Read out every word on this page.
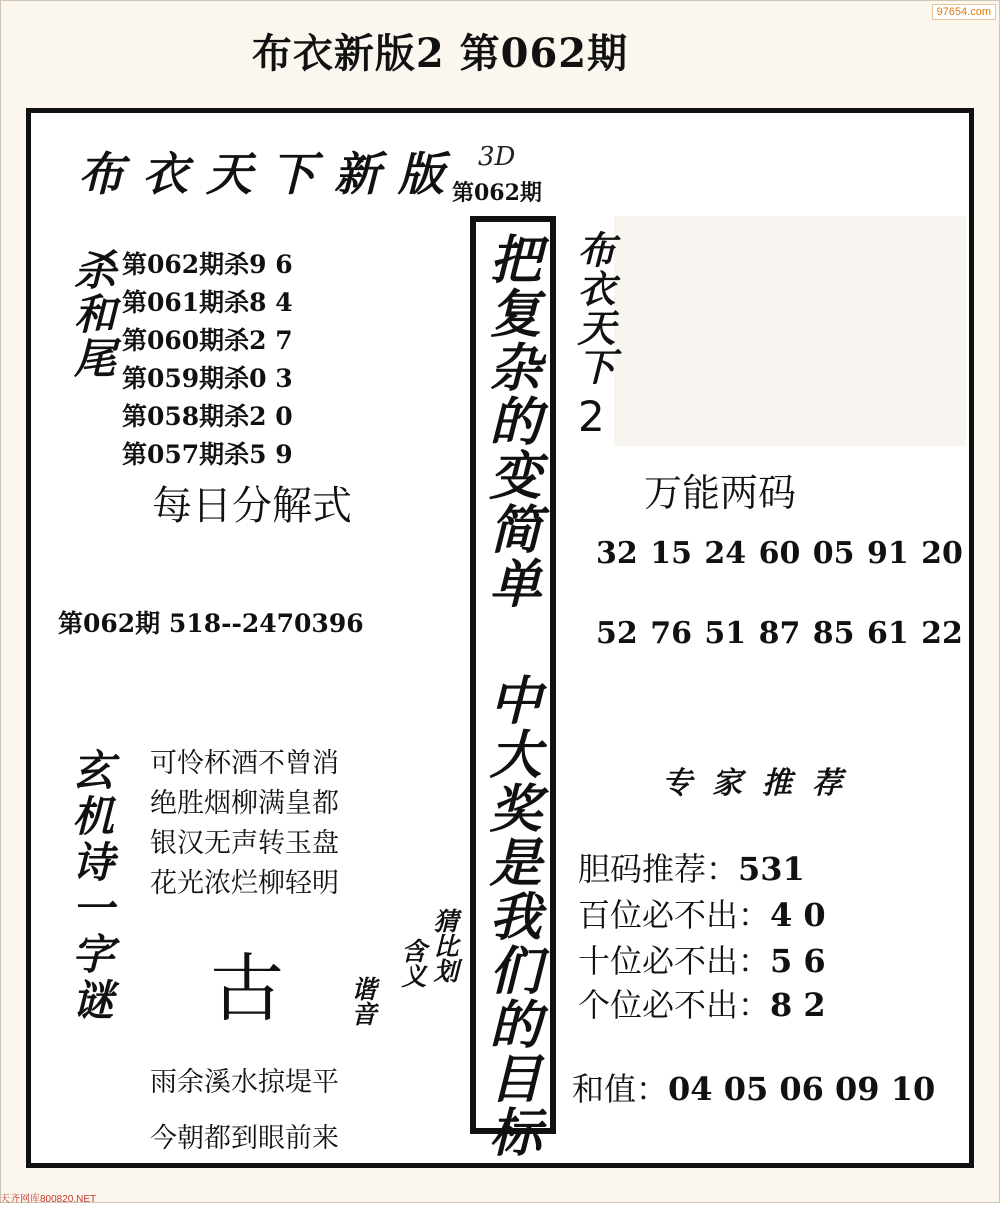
97654.com
布衣新版2 第062期
布衣天下新版 3D
第062期
杀和尾 第062期杀9 6
第061期杀8 4
第060期杀2 7
第059期杀0 3
第058期杀2 0
第057期杀5 9
每日分解式
第062期 518--2470396 把复杂的变简单 中大奖是我们的目标 布衣天下
2
万能两码
32 15 24 60 05 91 20
52 76 51 87 85 61 22
专家推荐
胆码推荐：531
百位必不出：4 0
十位必不出：5 6
个位必不出：8 2
和值：04 05 06 09 10
玄机诗一字谜 可怜杯酒不曾消
绝胜烟柳满皇都
银汉无声转玉盘
花光浓烂柳轻明
古
猜比划
含义
谐音
雨余溪水掠堤平
今朝都到眼前来
天齐网库800820.NET
